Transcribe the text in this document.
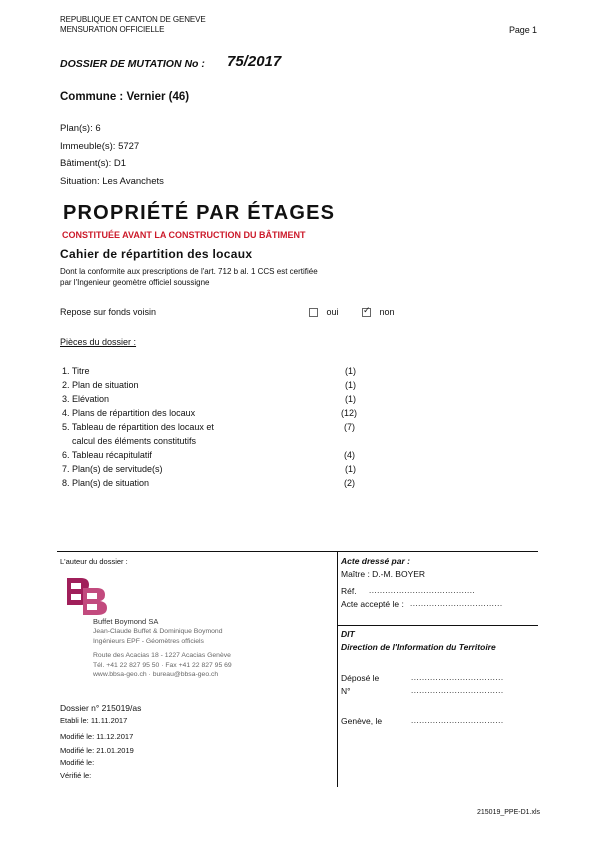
REPUBLIQUE ET CANTON DE GENEVE
MENSURATION OFFICIELLE	Page 1
DOSSIER DE MUTATION No : 75/2017
Commune : Vernier (46)
Plan(s): 6
Immeuble(s): 5727
Bâtiment(s): D1
Situation: Les Avanchets
PROPRIÉTÉ PAR ÉTAGES
CONSTITUÉE AVANT LA CONSTRUCTION DU BÂTIMENT
Cahier de répartition des locaux
Dont la conformite aux prescriptions de l'art. 712 b al. 1 CCS est certifiée
par l'Ingenieur geomètre officiel soussigne
Repose sur fonds voisin	oui
✓	non
Pièces du dossier :
1. Titre	(1)
2. Plan de situation	(1)
3. Elévation	(1)
4. Plans de répartition des locaux	(12)
5. Tableau de répartition des locaux et	(7)
calcul des éléments constitutifs
6. Tableau récapitulatif	(4)
7. Plan(s) de servitude(s)	(1)
8. Plan(s) de situation	(2)
L'auteur du dossier :
Buffet Boymond SA
Jean-Claude Buffet & Dominique Boymond
Ingénieurs EPF - Géomètres officiels
Route des Acacias 18 - 1227 Acacias Genève
Tél. +41 22 827 95 50 · Fax +41 22 827 95 69
www.bbsa-geo.ch · bureau@bbsa-geo.ch
Dossier n° 215019/as
Etabli le: 11.11.2017
Modifié le: 11.12.2017
Modifié le: 21.01.2019
Modifié le:
Vérifié le:
Acte dressé par :
Maître : D.-M. BOYER
Réf. .......................................
Acte accepté le : ..................................
DIT
Direction de l'Information du Territoire
Déposé le	..................................
N°	..................................
Genève, le	..................................
215019_PPE-D1.xls
